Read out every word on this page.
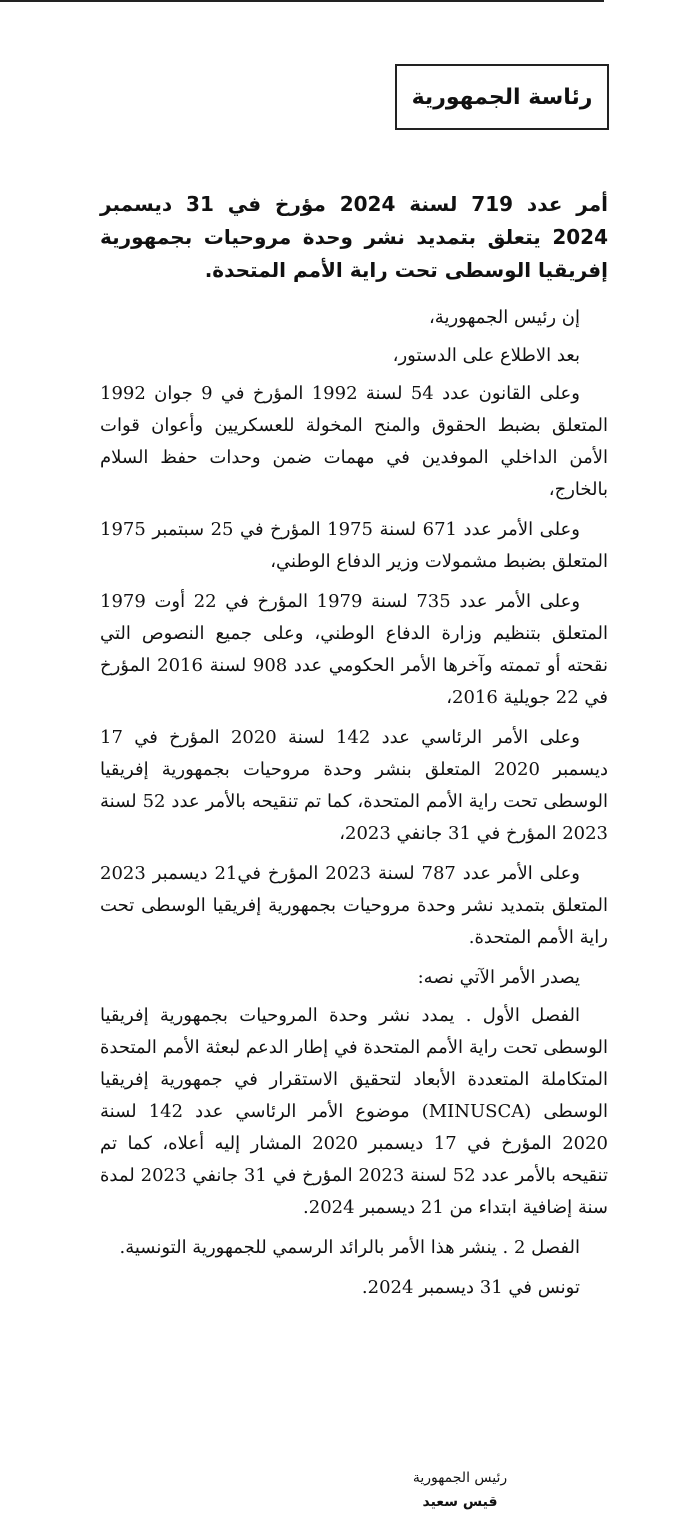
رئاسة الجمهورية

أمر عدد 719 لسنة 2024 مؤرخ في 31 ديسمبر 2024 يتعلق بتمديد نشر وحدة مروحيات بجمهورية إفريقيا الوسطى تحت راية الأمم المتحدة.

إن رئيس الجمهورية،

بعد الاطلاع على الدستور،

وعلى القانون عدد 54 لسنة 1992 المؤرخ في 9 جوان 1992 المتعلق بضبط الحقوق والمنح المخولة للعسكريين وأعوان قوات الأمن الداخلي الموفدين في مهمات ضمن وحدات حفظ السلام بالخارج،

وعلى الأمر عدد 671 لسنة 1975 المؤرخ في 25 سبتمبر 1975 المتعلق بضبط مشمولات وزير الدفاع الوطني،

وعلى الأمر عدد 735 لسنة 1979 المؤرخ في 22 أوت 1979 المتعلق بتنظيم وزارة الدفاع الوطني، وعلى جميع النصوص التي نقحته أو تممته وآخرها الأمر الحكومي عدد 908 لسنة 2016 المؤرخ في 22 جويلية 2016،

وعلى الأمر الرئاسي عدد 142 لسنة 2020 المؤرخ في 17 ديسمبر 2020 المتعلق بنشر وحدة مروحيات بجمهورية إفريقيا الوسطى تحت راية الأمم المتحدة، كما تم تنقيحه بالأمر عدد 52 لسنة 2023 المؤرخ في 31 جانفي 2023،

وعلى الأمر عدد 787 لسنة 2023 المؤرخ في21 ديسمبر 2023 المتعلق بتمديد نشر وحدة مروحيات بجمهورية إفريقيا الوسطى تحت راية الأمم المتحدة.

يصدر الأمر الآتي نصه:

الفصل الأول . يمدد نشر وحدة المروحيات بجمهورية إفريقيا الوسطى تحت راية الأمم المتحدة في إطار الدعم لبعثة الأمم المتحدة المتكاملة المتعددة الأبعاد لتحقيق الاستقرار في جمهورية إفريقيا الوسطى (MINUSCA) موضوع الأمر الرئاسي عدد 142 لسنة 2020 المؤرخ في 17 ديسمبر 2020 المشار إليه أعلاه، كما تم تنقيحه بالأمر عدد 52 لسنة 2023 المؤرخ في 31 جانفي 2023 لمدة سنة إضافية ابتداء من 21 ديسمبر 2024.

الفصل 2 . ينشر هذا الأمر بالرائد الرسمي للجمهورية التونسية.

تونس في 31 ديسمبر 2024.

رئيس الجمهورية
قيس سعيد
